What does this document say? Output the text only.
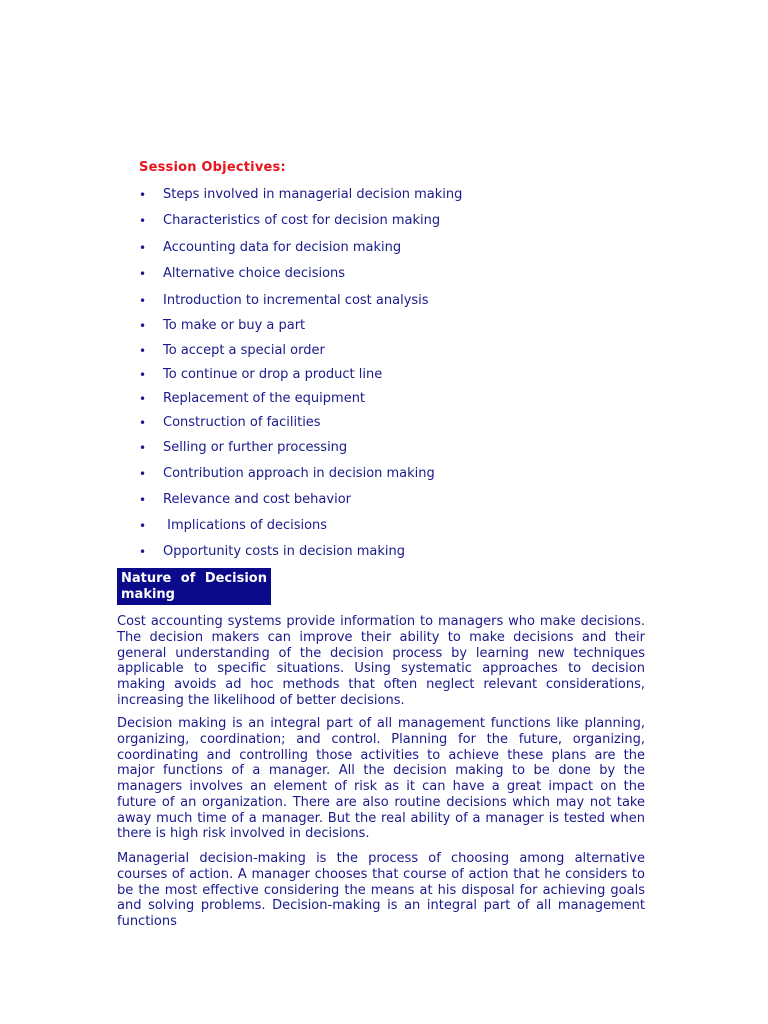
Session Objectives:
•	Steps involved in managerial decision making
•	Characteristics of cost for decision making
•	Accounting data for decision making
•	Alternative choice decisions
•	Introduction to incremental cost analysis
•	To make or buy a part
•	To accept a special order
•	To continue or drop a product line
•	Replacement of the equipment
•	Construction of facilities
•	Selling or further processing
•	Contribution approach in decision making
•	Relevance and cost behavior
•	Implications of decisions
•	Opportunity costs in decision making
Nature of Decision
making

Cost accounting systems provide information to managers who make decisions. The decision makers can improve their ability to make decisions and their general understanding of the decision process by learning new techniques applicable to specific situations. Using systematic approaches to decision making avoids ad hoc methods that often neglect relevant considerations, increasing the likelihood of better decisions.

Decision making is an integral part of all management functions like planning, organizing, coordination; and control. Planning for the future, organizing, coordinating and controlling those activities to achieve these plans are the major functions of a manager. All the decision making to be done by the managers involves an element of risk as it can have a great impact on the future of an organization. There are also routine decisions which may not take away much time of a manager. But the real ability of a manager is tested when there is high risk involved in decisions.

Managerial decision-making is the process of choosing among alternative courses of action. A manager chooses that course of action that he considers to be the most effective considering the means at his disposal for achieving goals and solving problems. Decision-making is an integral part of all management functions
